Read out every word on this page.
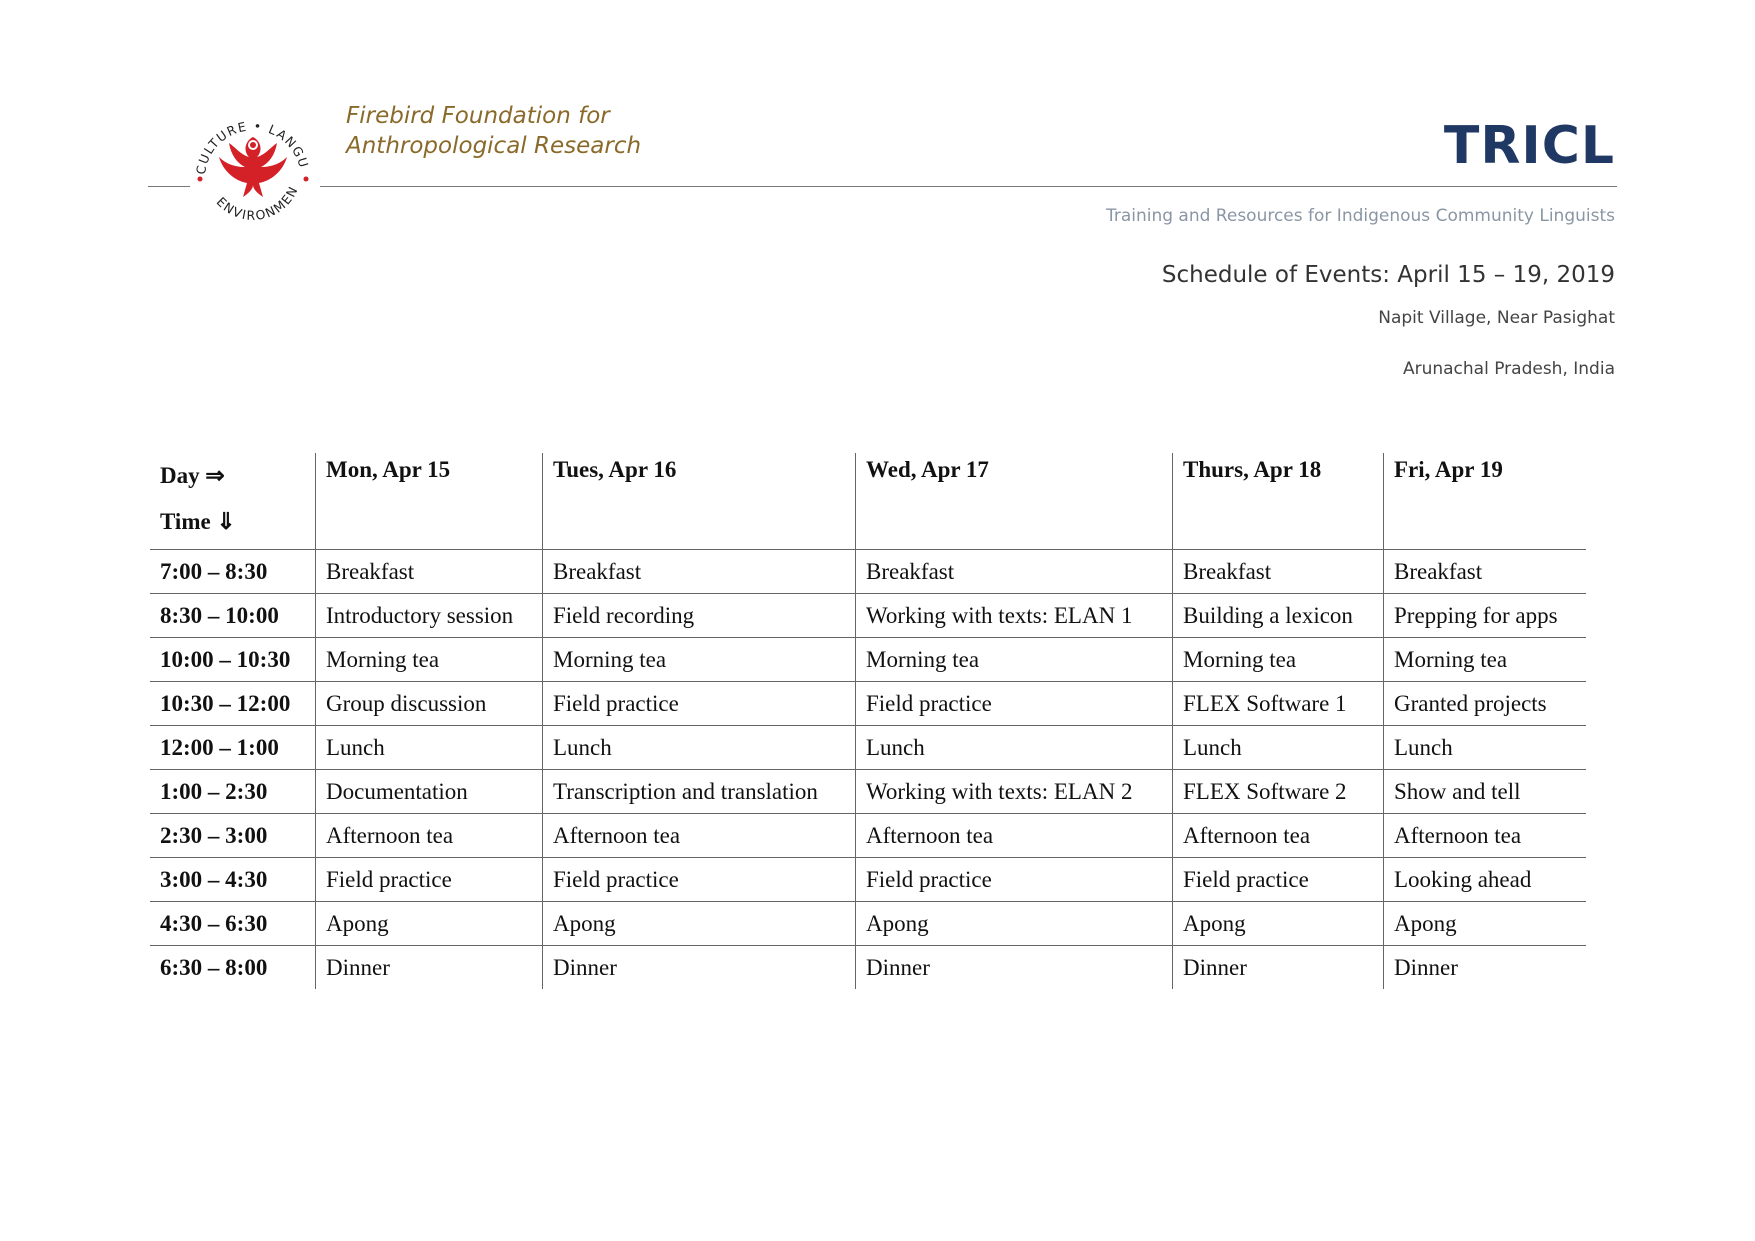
CULTURE • LANGU
ENVIRONMEN

Firebird Foundation for Anthropological Research	TRICL

Training and Resources for Indigenous Community Linguists

Schedule of Events: April 15 – 19, 2019

Napit Village, Near Pasighat

Arunachal Pradesh, India

Day ⇒
Time ⇓	Mon, Apr 15	Tues, Apr 16	Wed, Apr 17	Thurs, Apr 18	Fri, Apr 19
7:00 – 8:30	Breakfast	Breakfast	Breakfast	Breakfast	Breakfast
8:30 – 10:00	Introductory session	Field recording	Working with texts: ELAN 1	Building a lexicon	Prepping for apps
10:00 – 10:30	Morning tea	Morning tea	Morning tea	Morning tea	Morning tea
10:30 – 12:00	Group discussion	Field practice	Field practice	FLEX Software 1	Granted projects
12:00 – 1:00	Lunch	Lunch	Lunch	Lunch	Lunch
1:00 – 2:30	Documentation	Transcription and translation	Working with texts: ELAN 2	FLEX Software 2	Show and tell
2:30 – 3:00	Afternoon tea	Afternoon tea	Afternoon tea	Afternoon tea	Afternoon tea
3:00 – 4:30	Field practice	Field practice	Field practice	Field practice	Looking ahead
4:30 – 6:30	Apong	Apong	Apong	Apong	Apong
6:30 – 8:00	Dinner	Dinner	Dinner	Dinner	Dinner
